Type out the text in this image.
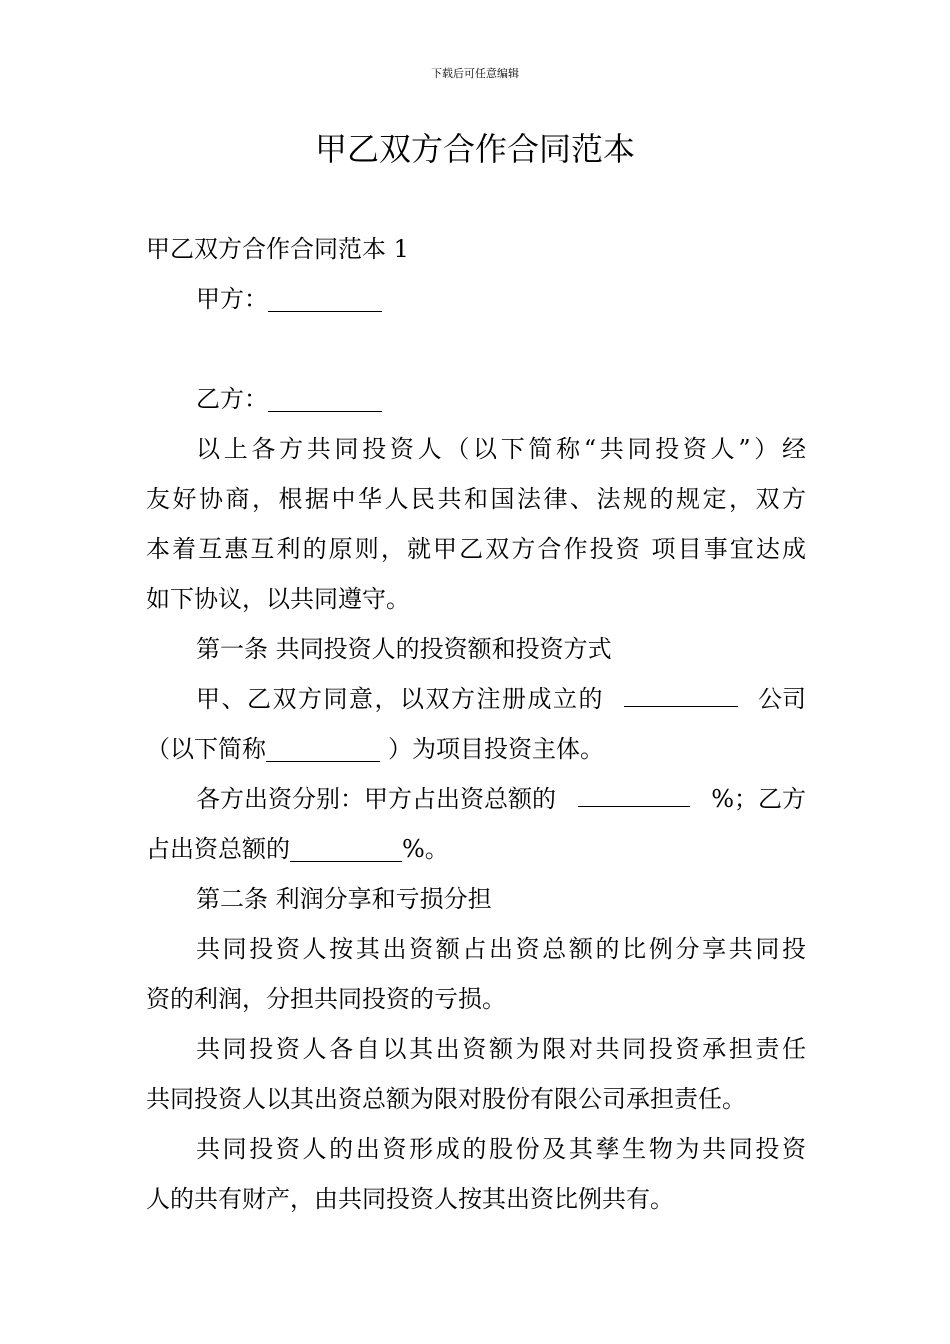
下载后可任意编辑
甲乙双方合作合同范本
甲乙双方合作合同范本 1
甲方：
乙方：
以上各方共同投资人（以下简称“共同投资人”）经
友好协商，根据中华人民共和国法律、法规的规定，双方
本着互惠互利的原则，就甲乙双方合作投资 项目事宜达成
如下协议，以共同遵守。
第一条 共同投资人的投资额和投资方式
甲、乙双方同意，以双方注册成立的	公司
（以下简称	）为项目投资主体。
各方出资分别：甲方占出资总额的	%；乙方
占出资总额的	%。
第二条 利润分享和亏损分担
共同投资人按其出资额占出资总额的比例分享共同投
资的利润，分担共同投资的亏损。
共同投资人各自以其出资额为限对共同投资承担责任
共同投资人以其出资总额为限对股份有限公司承担责任。
共同投资人的出资形成的股份及其孳生物为共同投资
人的共有财产，由共同投资人按其出资比例共有。
